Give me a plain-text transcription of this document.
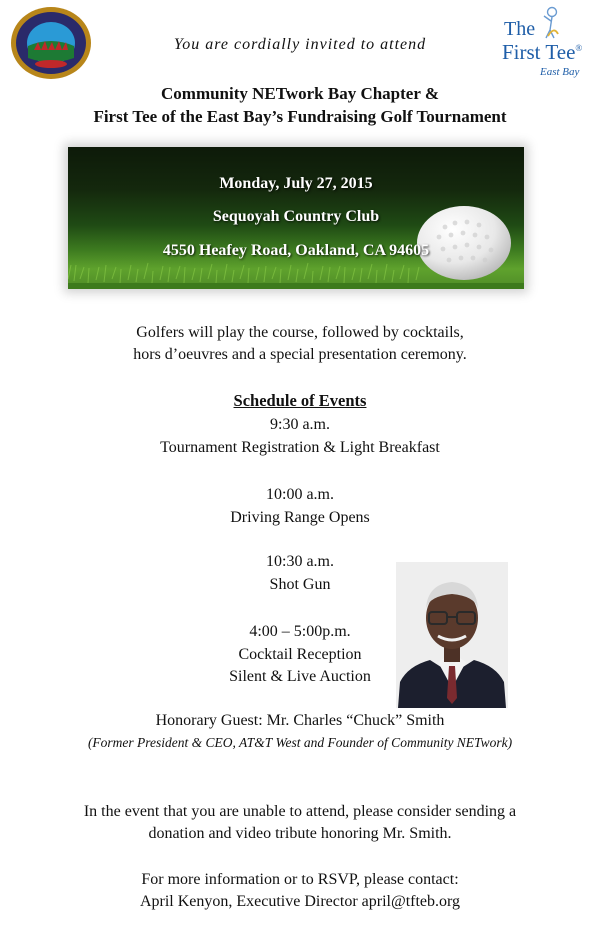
The
First Tee®
East Bay
You are cordially invited to attend
Community NETwork Bay Chapter &
First Tee of the East Bay’s Fundraising Golf Tournament
Monday, July 27, 2015
Sequoyah Country Club
4550 Heafey Road, Oakland, CA 94605
Golfers will play the course, followed by cocktails,
hors d’oeuvres and a special presentation ceremony.
Schedule of Events
9:30 a.m.
Tournament Registration & Light Breakfast
10:00 a.m.
Driving Range Opens
10:30 a.m.
Shot Gun
4:00 – 5:00p.m.
Cocktail Reception
Silent & Live Auction
Honorary Guest: Mr. Charles “Chuck” Smith
(Former President & CEO, AT&T West and Founder of Community NETwork)
In the event that you are unable to attend, please consider sending a
donation and video tribute honoring Mr. Smith.
For more information or to RSVP, please contact:
April Kenyon, Executive Director april@tfteb.org
